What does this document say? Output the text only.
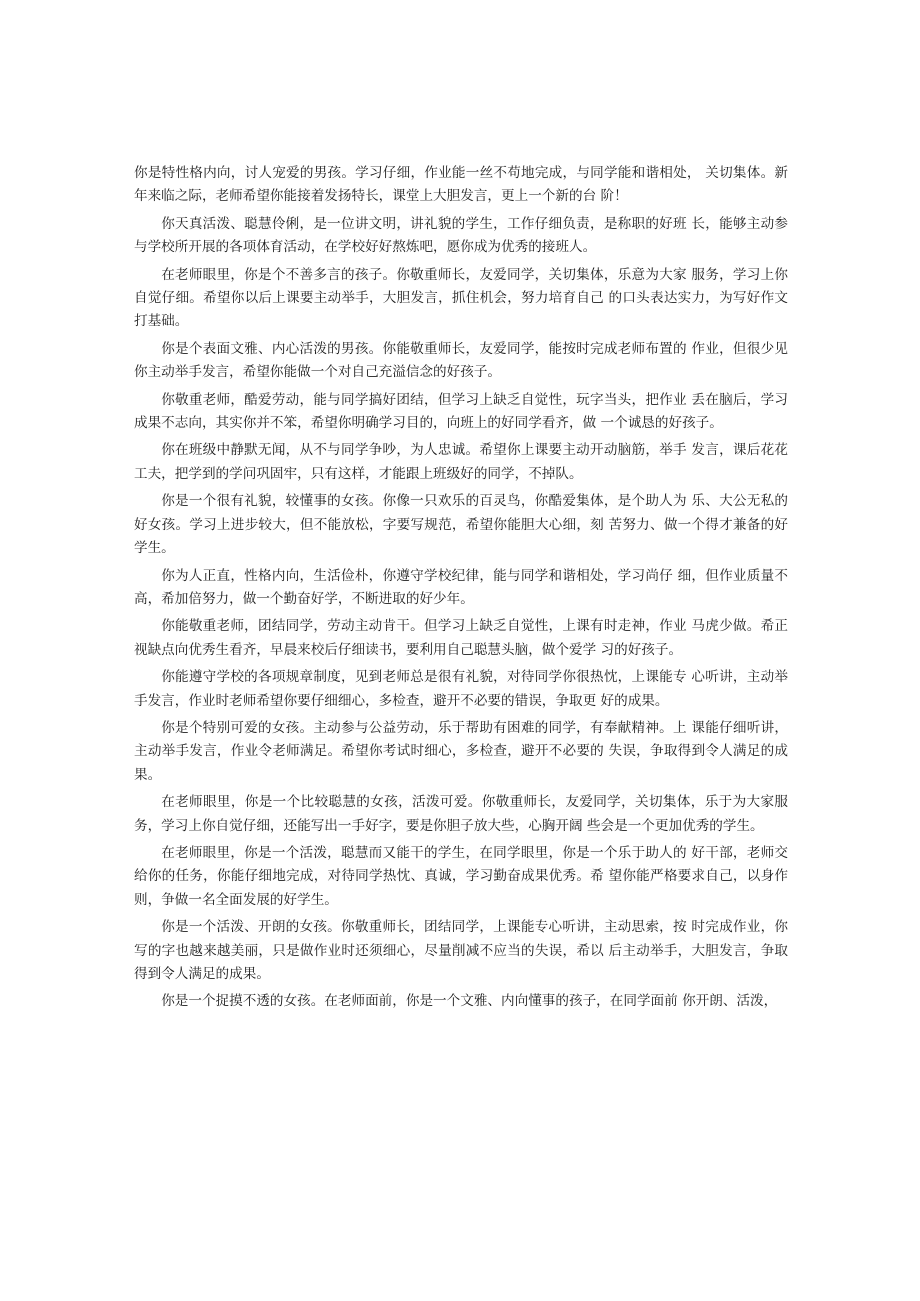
你是特性格内向，讨人宠爱的男孩。学习仔细，作业能一丝不苟地完成，与同学能和谐相处， 关切集体。新年来临之际，老师希望你能接着发扬特长，课堂上大胆发言，更上一个新的台 阶！

你天真活泼、聪慧伶俐，是一位讲文明，讲礼貌的学生，工作仔细负责，是称职的好班 长，能够主动参与学校所开展的各项体育活动，在学校好好熬炼吧，愿你成为优秀的接班人。

在老师眼里，你是个不善多言的孩子。你敬重师长，友爱同学，关切集体，乐意为大家 服务，学习上你自觉仔细。希望你以后上课要主动举手，大胆发言，抓住机会，努力培育自己 的口头表达实力，为写好作文打基础。

你是个表面文雅、内心活泼的男孩。你能敬重师长，友爱同学，能按时完成老师布置的 作业，但很少见你主动举手发言，希望你能做一个对自己充溢信念的好孩子。

你敬重老师，酷爱劳动，能与同学搞好团结，但学习上缺乏自觉性，玩字当头，把作业 丢在脑后，学习成果不志向，其实你并不笨，希望你明确学习目的，向班上的好同学看齐，做 一个诚恳的好孩子。

你在班级中静默无闻，从不与同学争吵，为人忠诚。希望你上课要主动开动脑筋，举手 发言，课后花花工夫，把学到的学问巩固牢，只有这样，才能跟上班级好的同学，不掉队。

你是一个很有礼貌，较懂事的女孩。你像一只欢乐的百灵鸟，你酷爱集体，是个助人为 乐、大公无私的好女孩。学习上进步较大，但不能放松，字要写规范，希望你能胆大心细，刻 苦努力、做一个得才兼备的好学生。

你为人正直，性格内向，生活俭朴，你遵守学校纪律，能与同学和谐相处，学习尚仔 细，但作业质量不高，希加倍努力，做一个勤奋好学，不断进取的好少年。

你能敬重老师，团结同学，劳动主动肯干。但学习上缺乏自觉性，上课有时走神，作业 马虎少做。希正视缺点向优秀生看齐，早晨来校后仔细读书，要利用自己聪慧头脑，做个爱学 习的好孩子。

你能遵守学校的各项规章制度，见到老师总是很有礼貌，对待同学你很热忱，上课能专 心听讲，主动举手发言，作业时老师希望你要仔细细心，多检查，避开不必要的错误，争取更 好的成果。

你是个特别可爱的女孩。主动参与公益劳动，乐于帮助有困难的同学，有奉献精神。上 课能仔细听讲，主动举手发言，作业令老师满足。希望你考试时细心，多检查，避开不必要的 失误，争取得到令人满足的成果。

在老师眼里，你是一个比较聪慧的女孩，活泼可爱。你敬重师长，友爱同学，关切集体，乐于为大家服务，学习上你自觉仔细，还能写出一手好字，要是你胆子放大些，心胸开阔 些会是一个更加优秀的学生。

在老师眼里，你是一个活泼，聪慧而又能干的学生，在同学眼里，你是一个乐于助人的 好干部，老师交给你的任务，你能仔细地完成，对待同学热忱、真诚，学习勤奋成果优秀。希 望你能严格要求自己，以身作则，争做一名全面发展的好学生。

你是一个活泼、开朗的女孩。你敬重师长，团结同学，上课能专心听讲，主动思索，按 时完成作业，你写的字也越来越美丽，只是做作业时还须细心，尽量削减不应当的失误，希以 后主动举手，大胆发言，争取得到令人满足的成果。

你是一个捉摸不透的女孩。在老师面前，你是一个文雅、内向懂事的孩子，在同学面前 你开朗、活泼，
